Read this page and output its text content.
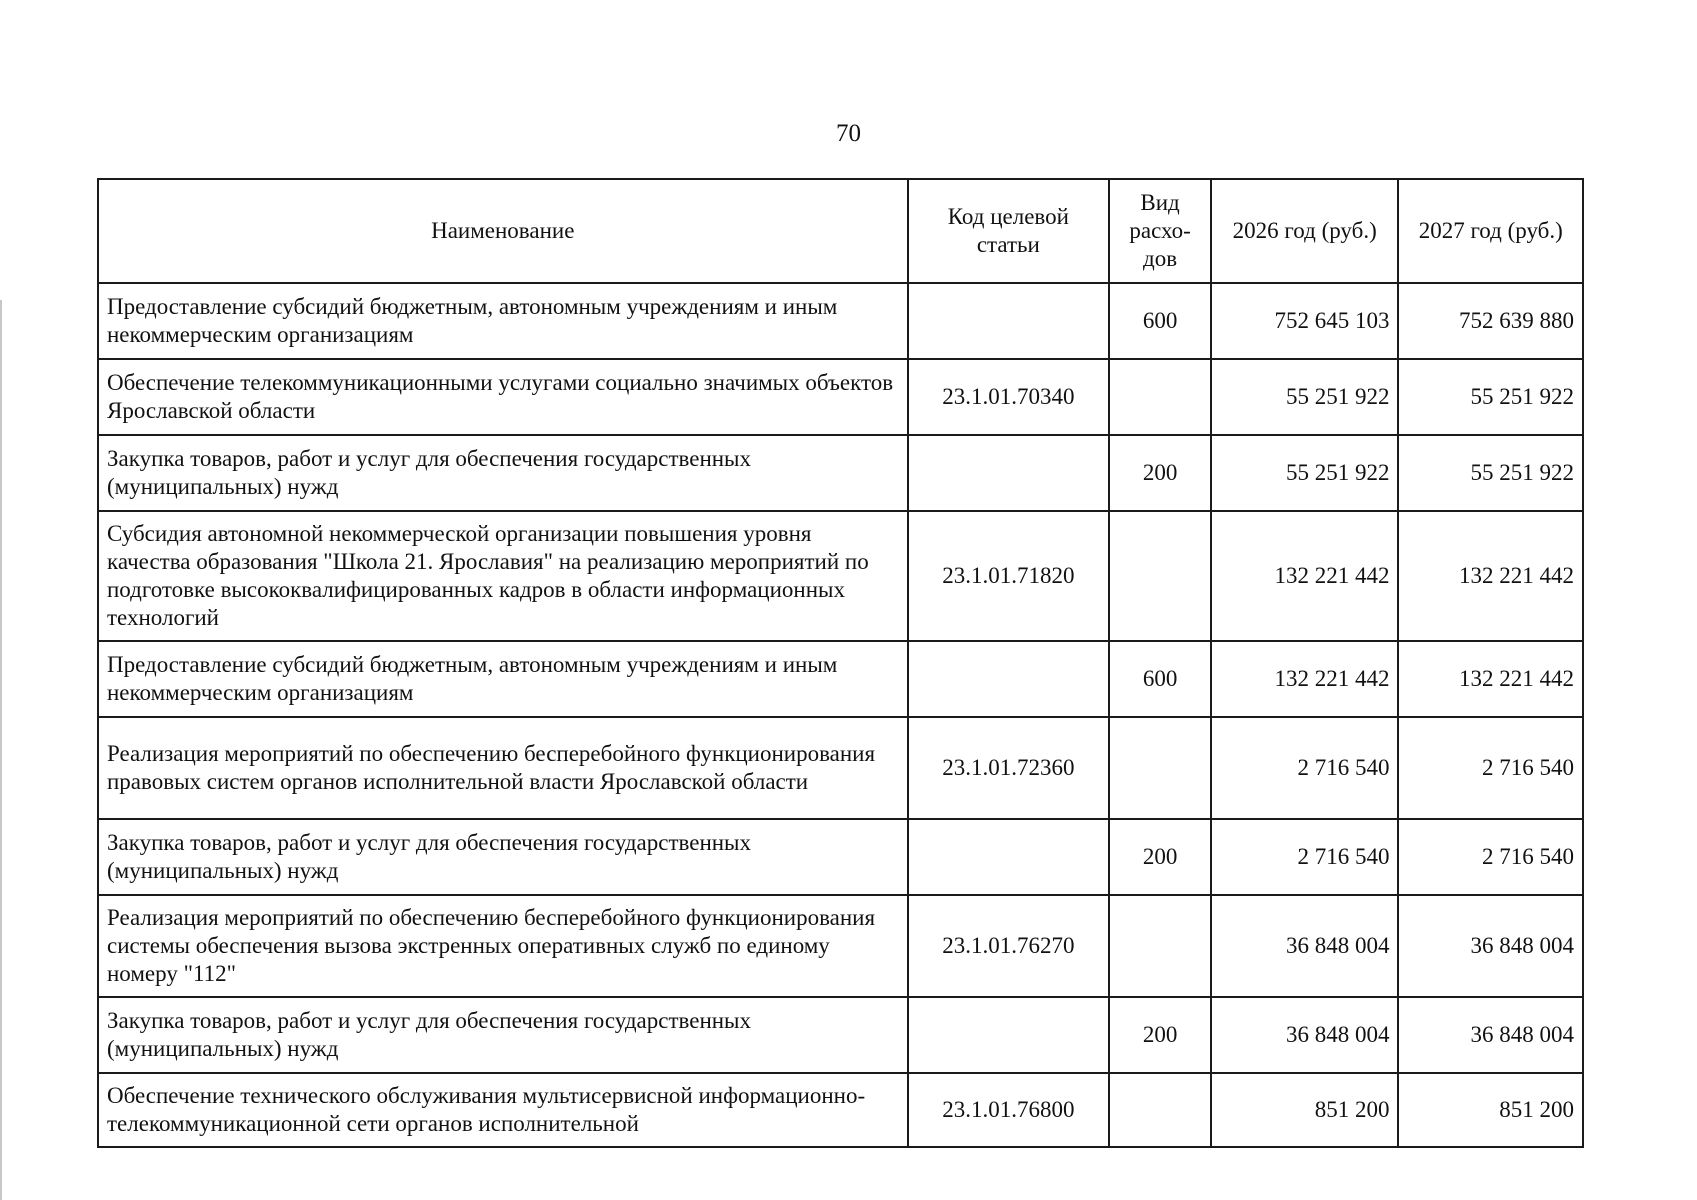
70
Наименование	Код целевой статьи	Вид расхо-дов	2026 год (руб.)	2027 год (руб.)
Предоставление субсидий бюджетным, автономным учреждениям и иным некоммерческим организациям		600	752 645 103	752 639 880
Обеспечение телекоммуникационными услугами социально значимых объектов Ярославской области	23.1.01.70340		55 251 922	55 251 922
Закупка товаров, работ и услуг для обеспечения государственных (муниципальных) нужд		200	55 251 922	55 251 922
Субсидия автономной некоммерческой организации повышения уровня качества образования "Школа 21. Ярославия" на реализацию мероприятий по подготовке высококвалифицированных кадров в области информационных технологий	23.1.01.71820		132 221 442	132 221 442
Предоставление субсидий бюджетным, автономным учреждениям и иным некоммерческим организациям		600	132 221 442	132 221 442
Реализация мероприятий по обеспечению бесперебойного функционирования правовых систем органов исполнительной власти Ярославской области	23.1.01.72360		2 716 540	2 716 540
Закупка товаров, работ и услуг для обеспечения государственных (муниципальных) нужд		200	2 716 540	2 716 540
Реализация мероприятий по обеспечению бесперебойного функционирования системы обеспечения вызова экстренных оперативных служб по единому номеру "112"	23.1.01.76270		36 848 004	36 848 004
Закупка товаров, работ и услуг для обеспечения государственных (муниципальных) нужд		200	36 848 004	36 848 004
Обеспечение технического обслуживания мультисервисной информационно-телекоммуникационной сети органов исполнительной	23.1.01.76800		851 200	851 200
